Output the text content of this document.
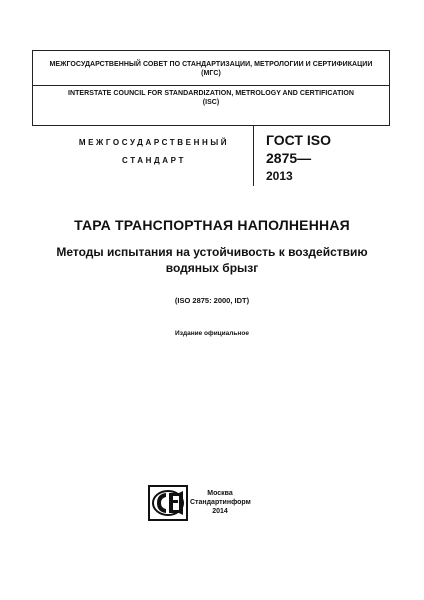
МЕЖГОСУДАРСТВЕННЫЙ СОВЕТ ПО СТАНДАРТИЗАЦИИ, МЕТРОЛОГИИ И СЕРТИФИКАЦИИ
(МГС)
INTERSTATE COUNCIL FOR STANDARDIZATION, METROLOGY AND CERTIFICATION
(ISC)
МЕЖГОСУДАРСТВЕННЫЙ
СТАНДАРТ
ГОСТ ISO
2875—
2013
ТАРА ТРАНСПОРТНАЯ НАПОЛНЕННАЯ
Методы испытания на устойчивость к воздействию
водяных брызг
(ISO 2875: 2000, IDT)
Издание официальное
Москва
Стандартинформ
2014
